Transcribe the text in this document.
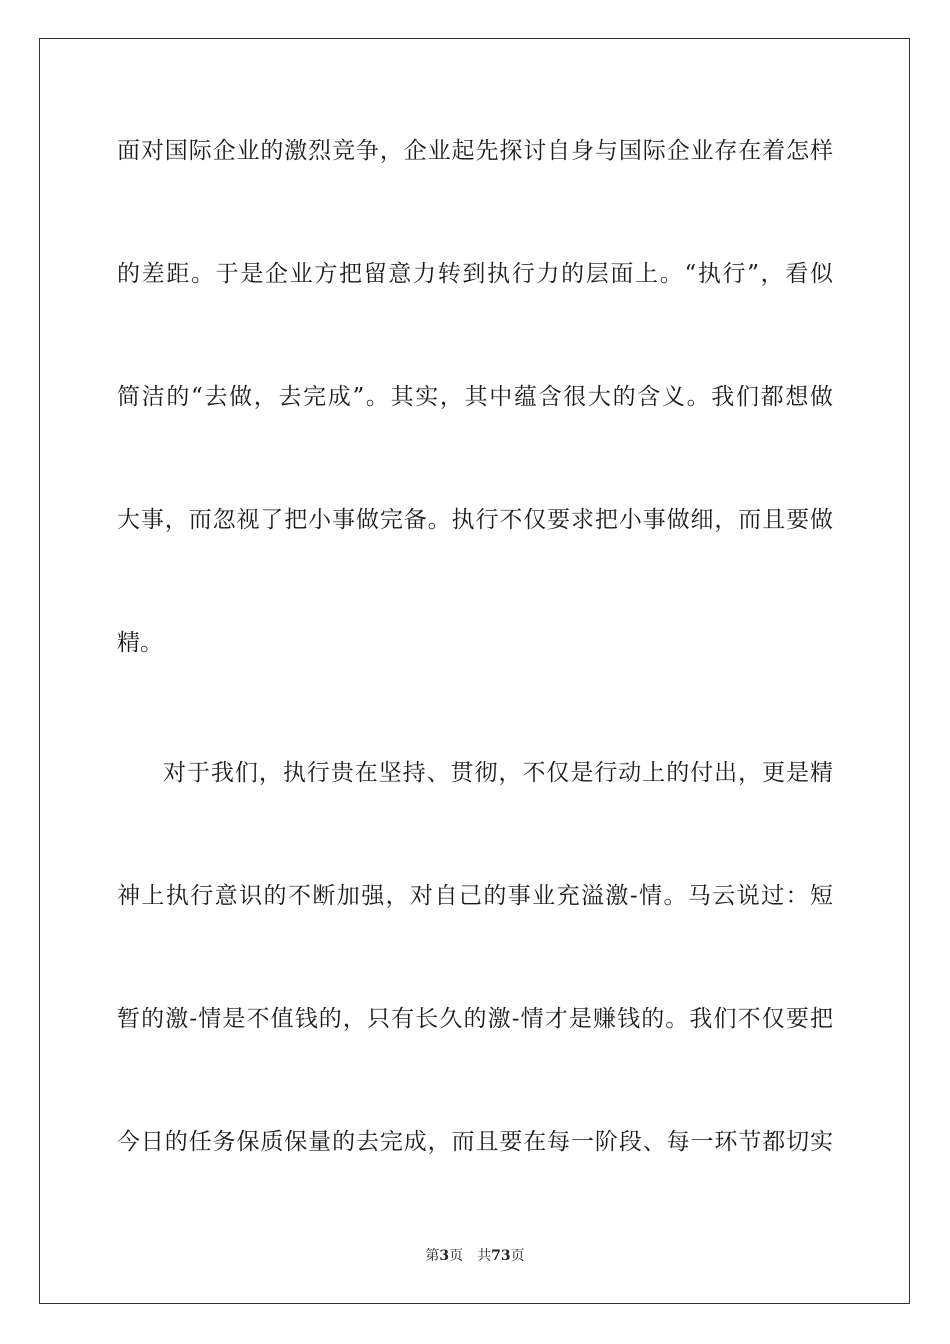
面对国际企业的激烈竞争，企业起先探讨自身与国际企业存在着怎样
的差距。于是企业方把留意力转到执行力的层面上。“执行”，看似
简洁的“去做，去完成”。其实，其中蕴含很大的含义。我们都想做
大事，而忽视了把小事做完备。执行不仅要求把小事做细，而且要做
精。
对于我们，执行贵在坚持、贯彻，不仅是行动上的付出，更是精
神上执行意识的不断加强，对自己的事业充溢激-情。马云说过：短
暂的激-情是不值钱的，只有长久的激-情才是赚钱的。我们不仅要把
今日的任务保质保量的去完成，而且要在每一阶段、每一环节都切实
第3页 共73页
